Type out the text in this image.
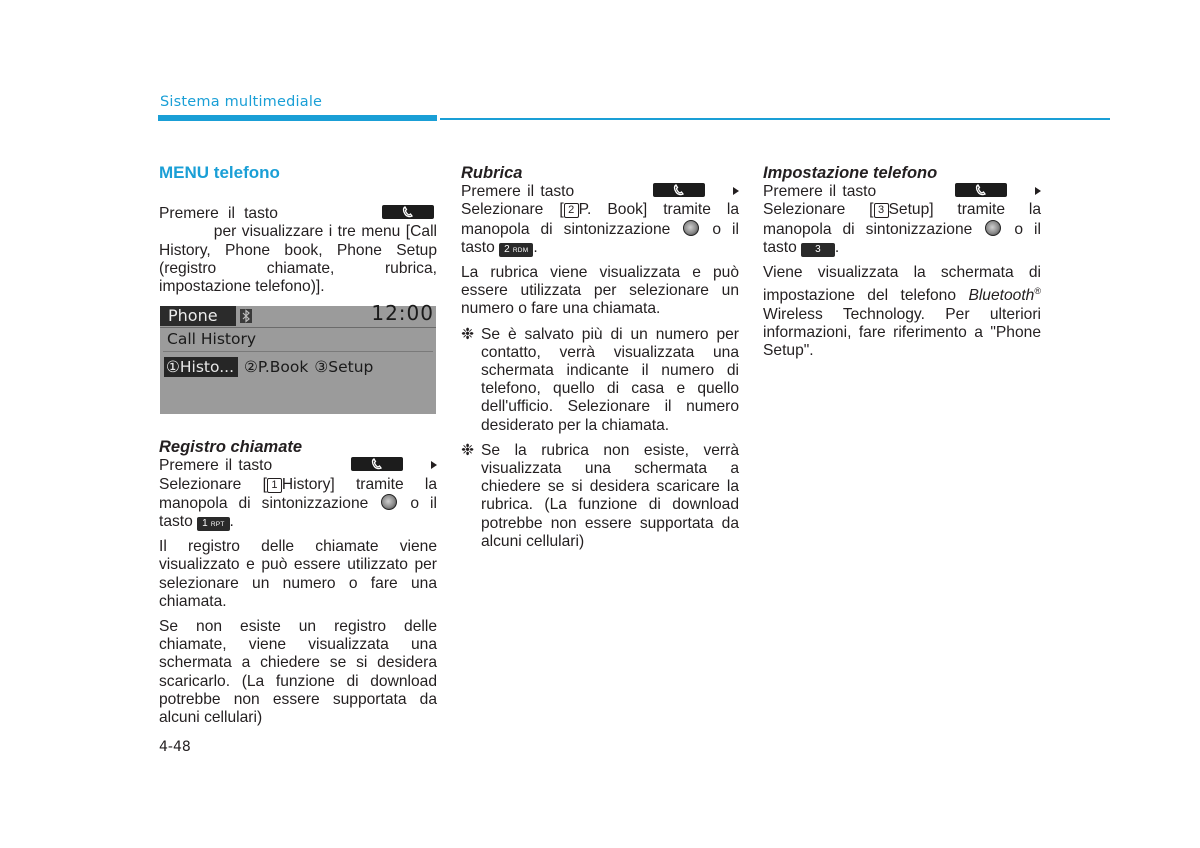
Sistema multimediale
MENU telefono

Premere il tasto
per visualizzare i tre menu [Call History, Phone book, Phone Setup (registro chiamate, rubrica, impostazione telefono)].

Phone	12:00
Call History
①Histo... ②P.Book ③Setup
Registro chiamate

Premere il tasto
Selezionare [ 1 History] tramite la manopola di sintonizzazione	o il tasto 1 RPT .

Il registro delle chiamate viene visualizzato e può essere utilizzato per selezionare un numero o fare una chiamata.

Se non esiste un registro delle chiamate, viene visualizzata una schermata a chiedere se si desidera scaricarlo. (La funzione di download potrebbe non essere supportata da alcuni cellulari)

Rubrica

Premere il tasto
Selezionare [ 2 P. Book] tramite la manopola di sintonizzazione	o il tasto 2 RDM .

La rubrica viene visualizzata e può essere utilizzata per selezionare un numero o fare una chiamata.

❉ Se è salvato più di un numero per contatto, verrà visualizzata una schermata indicante il numero di telefono, quello di casa e quello dell'ufficio. Selezionare il numero desiderato per la chiamata.

❉ Se la rubrica non esiste, verrà visualizzata una schermata a chiedere se si desidera scaricare la rubrica. (La funzione di download potrebbe non essere supportata da alcuni cellulari)

Impostazione telefono

Premere il tasto
Selezionare [ 3 Setup] tramite la manopola di sintonizzazione	o il tasto 3 .

Viene visualizzata la schermata di impostazione del telefono Bluetooth® Wireless Technology. Per ulteriori informazioni, fare riferimento a "Phone Setup".

4-48
